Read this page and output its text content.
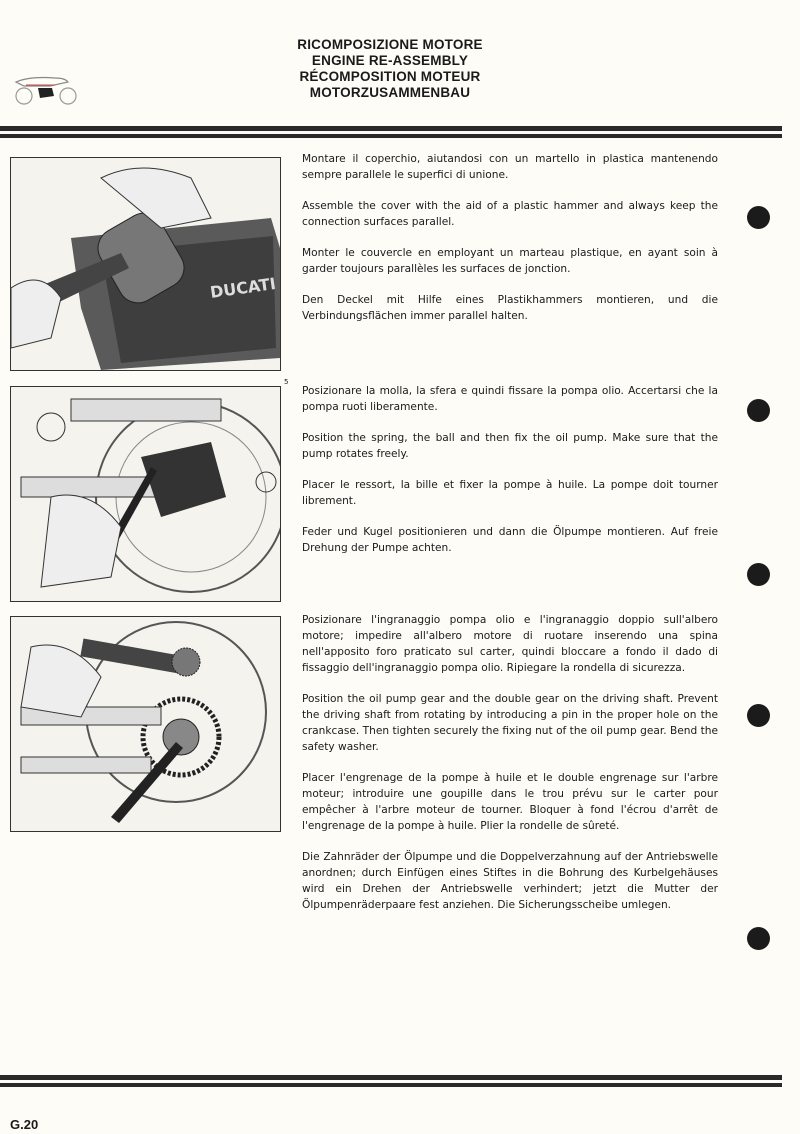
RICOMPOSIZIONE MOTORE
ENGINE RE-ASSEMBLY
RÉCOMPOSITION MOTEUR
MOTORZUSAMMENBAU
DUCATI
5

Montare il coperchio, aiutandosi con un martello in plastica mantenendo sempre parallele le superfici di unione.

Assemble the cover with the aid of a plastic hammer and always keep the connection surfaces parallel.

Monter le couvercle en employant un marteau plastique, en ayant soin à garder toujours parallèles les surfaces de jonction.

Den Deckel mit Hilfe eines Plastikhammers montieren, und die Verbindungsflächen immer parallel halten.

Posizionare la molla, la sfera e quindi fissare la pompa olio. Accertarsi che la pompa ruoti liberamente.

Position the spring, the ball and then fix the oil pump. Make sure that the pump rotates freely.

Placer le ressort, la bille et fixer la pompe à huile. La pompe doit tourner librement.

Feder und Kugel positionieren und dann die Ölpumpe montieren. Auf freie Drehung der Pumpe achten.

Posizionare l'ingranaggio pompa olio e l'ingranaggio doppio sull'albero motore; impedire all'albero motore di ruotare inserendo una spina nell'apposito foro praticato sul carter, quindi bloccare a fondo il dado di fissaggio dell'ingranaggio pompa olio. Ripiegare la rondella di sicurezza.

Position the oil pump gear and the double gear on the driving shaft. Prevent the driving shaft from rotating by introducing a pin in the proper hole on the crankcase. Then tighten securely the fixing nut of the oil pump gear. Bend the safety washer.

Placer l'engrenage de la pompe à huile et le double engrenage sur l'arbre moteur; introduire une goupille dans le trou prévu sur le carter pour empêcher à l'arbre moteur de tourner. Bloquer à fond l'écrou d'arrêt de l'engrenage de la pompe à huile. Plier la rondelle de sûreté.

Die Zahnräder der Ölpumpe und die Doppelverzahnung auf der Antriebswelle anordnen; durch Einfügen eines Stiftes in die Bohrung des Kurbelgehäuses wird ein Drehen der Antriebswelle verhindert; jetzt die Mutter der Ölpumpenräderpaare fest anziehen. Die Sicherungsscheibe umlegen.

G.20
